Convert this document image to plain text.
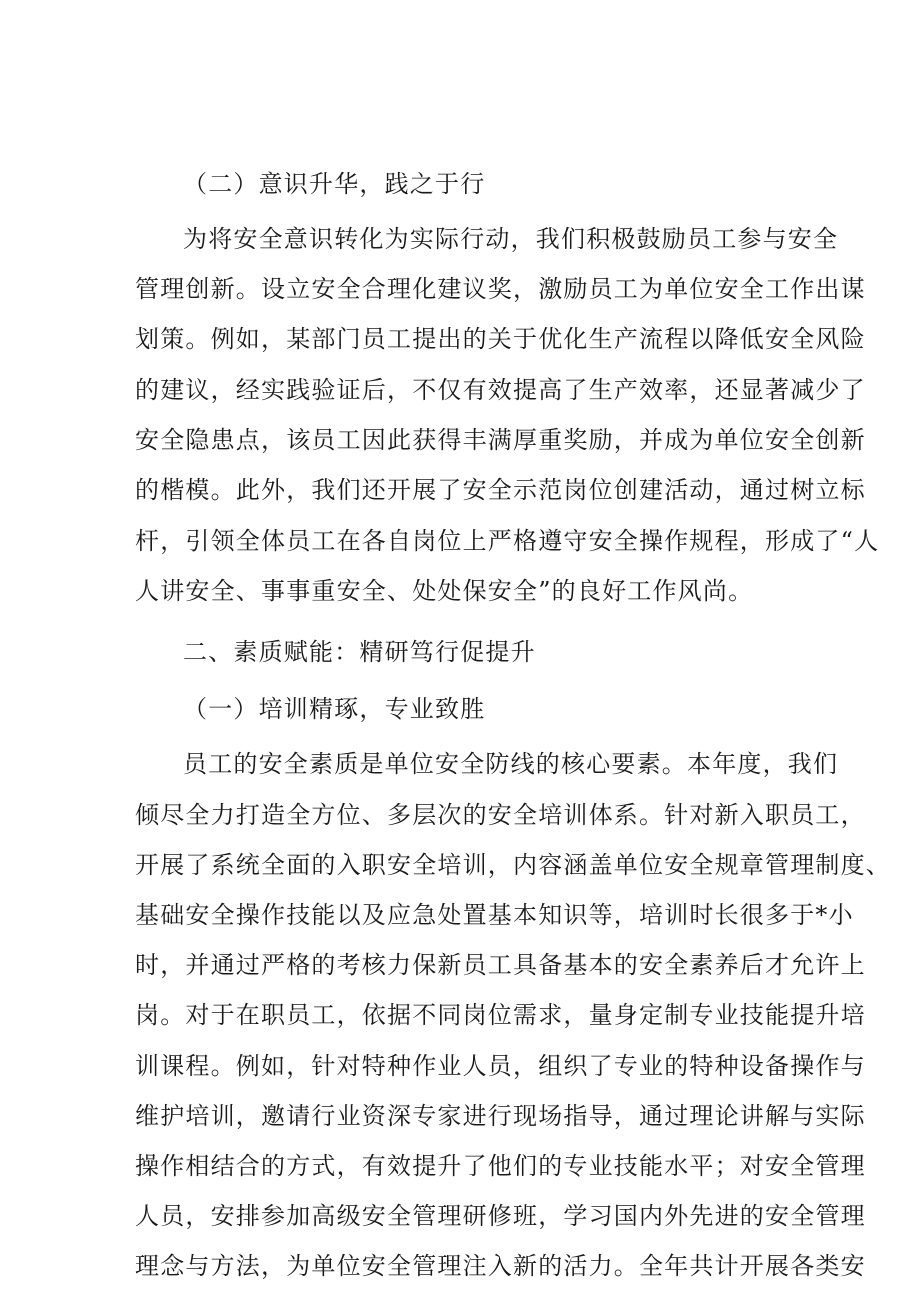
（二）意识升华，践之于行
为将安全意识转化为实际行动，我们积极鼓励员工参与安全
管理创新。设立安全合理化建议奖，激励员工为单位安全工作出谋
划策。例如，某部门员工提出的关于优化生产流程以降低安全风险
的建议，经实践验证后，不仅有效提高了生产效率，还显著减少了
安全隐患点，该员工因此获得丰满厚重奖励，并成为单位安全创新
的楷模。此外，我们还开展了安全示范岗位创建活动，通过树立标
杆，引领全体员工在各自岗位上严格遵守安全操作规程，形成了“人
人讲安全、事事重安全、处处保安全”的良好工作风尚。
二、素质赋能：精研笃行促提升
（一）培训精琢，专业致胜
员工的安全素质是单位安全防线的核心要素。本年度，我们
倾尽全力打造全方位、多层次的安全培训体系。针对新入职员工，
开展了系统全面的入职安全培训，内容涵盖单位安全规章管理制度、
基础安全操作技能以及应急处置基本知识等，培训时长很多于*小
时，并通过严格的考核力保新员工具备基本的安全素养后才允许上
岗。对于在职员工，依据不同岗位需求，量身定制专业技能提升培
训课程。例如，针对特种作业人员，组织了专业的特种设备操作与
维护培训，邀请行业资深专家进行现场指导，通过理论讲解与实际
操作相结合的方式，有效提升了他们的专业技能水平；对安全管理
人员，安排参加高级安全管理研修班，学习国内外先进的安全管理
理念与方法，为单位安全管理注入新的活力。全年共计开展各类安
